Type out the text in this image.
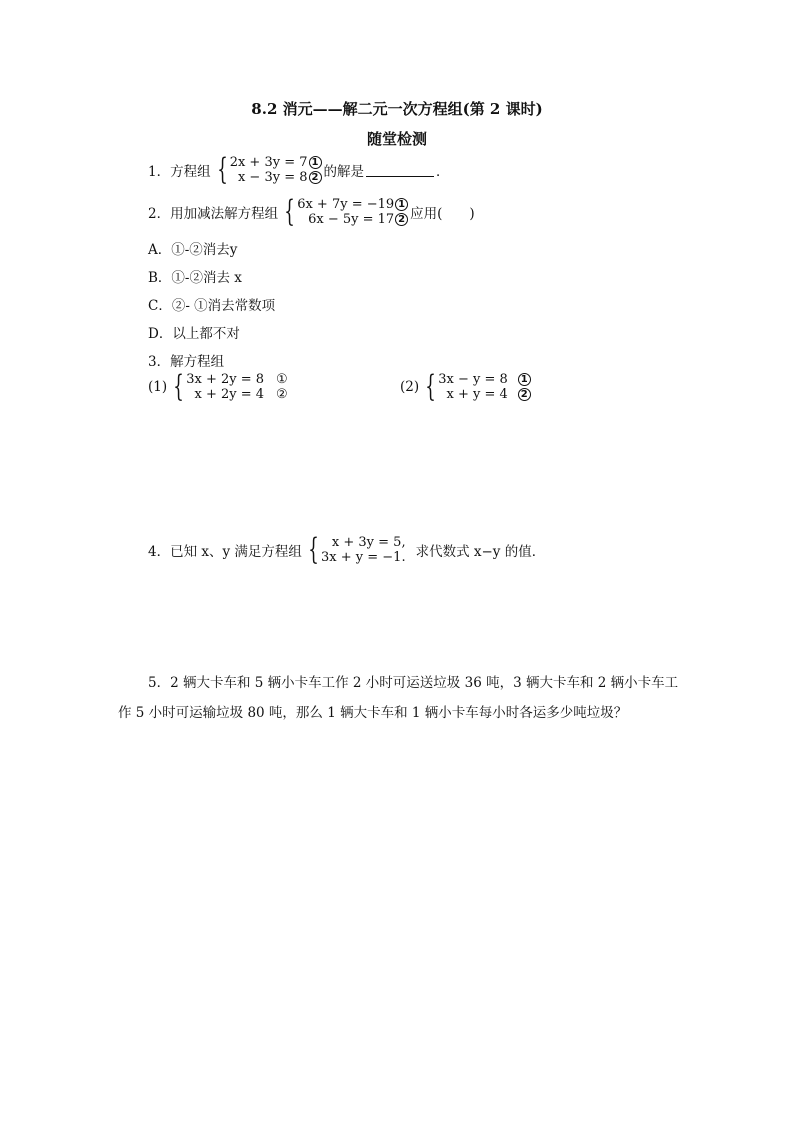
8.2 消元——解二元一次方程组(第 2 课时)
随堂检测
1．方程组 { 2x + 3y = 7 1
x − 3y = 8 2 的解是	．
2．用加减法解方程组 { 6x + 7y = −19 1
6x − 5y = 17 2 应用(　　)
A．①-②消去y
B．①-②消去 x
C．②- ①消去常数项
D．以上都不对
3．解方程组
(1) { 3x + 2y = 8 ①
x + 2y = 4 ②	(2) { 3x − y = 8	1
x + y = 4	2
4．已知 x、y 满足方程组 { x + 3y = 5,
3x + y = −1. 求代数式 x−y 的值．
5．2 辆大卡车和 5 辆小卡车工作 2 小时可运送垃圾 36 吨，3 辆大卡车和 2 辆小卡车工
作 5 小时可运输垃圾 80 吨，那么 1 辆大卡车和 1 辆小卡车每小时各运多少吨垃圾？
